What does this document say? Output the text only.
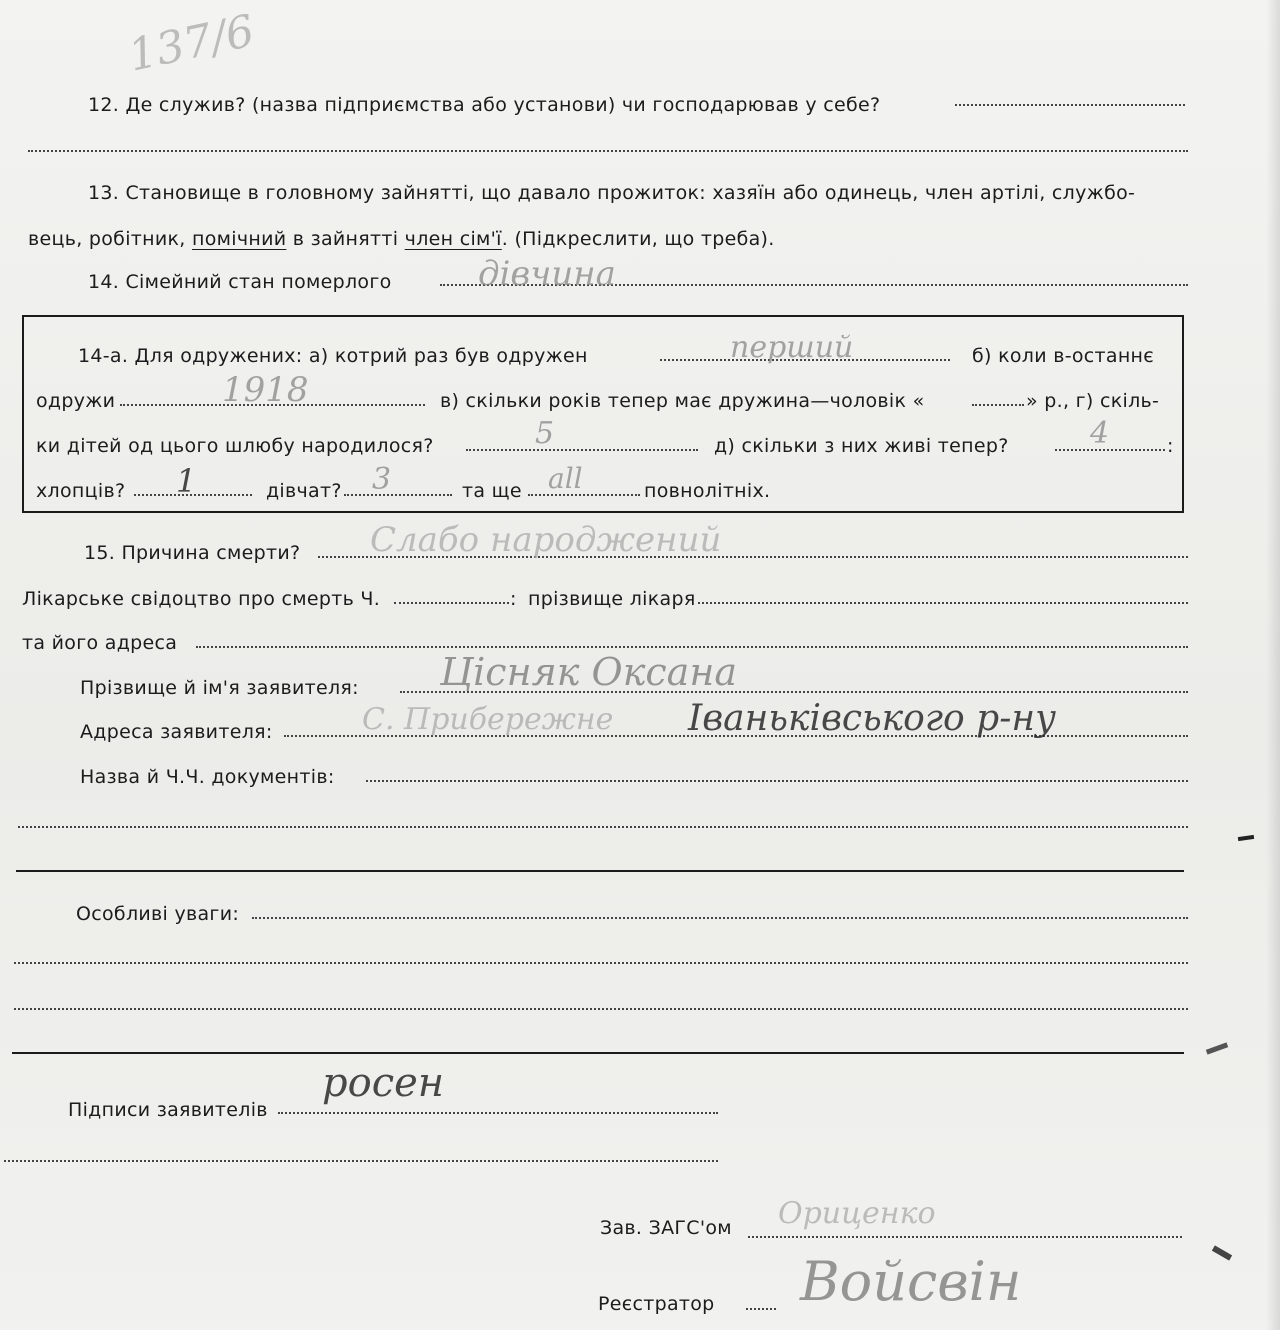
137/6
12. Де служив? (назва підприємства або установи) чи господарював у себе?
13. Становище в головному зайнятті, що давало прожиток: хазяїн або одинець, член артілі, службо-
вець, робітник, помічний в зайнятті член сім'ї. (Підкреслити, що треба).
14. Сімейний стан померлого	дівчина
14-а. Для одружених: а) котрий раз був одружен	перший	б) коли в-останнє
одружи	1918	в) скільки років тепер має дружина—чоловік «	» р., г) скіль-
ки дітей од цього шлюбу народилося?	5	д) скільки з них живі тепер?	4	:
хлопців? 1	дівчат? 3	та ще all	повнолітніх.
15. Причина смерти? Слабо народжений
Лікарське свідоцтво про смерть Ч.	: прізвище лікаря
та його адреса
Прізвище й ім'я заявителя: Цісняк Оксана
Адреса заявителя:	С. Прибережне Іваньківського р-ну
Назва й Ч.Ч. документів:
Особливі уваги:
Підписи заявителів
росен
Зав. ЗАГС'ом Ориценко
Реєстратор Войсвін
